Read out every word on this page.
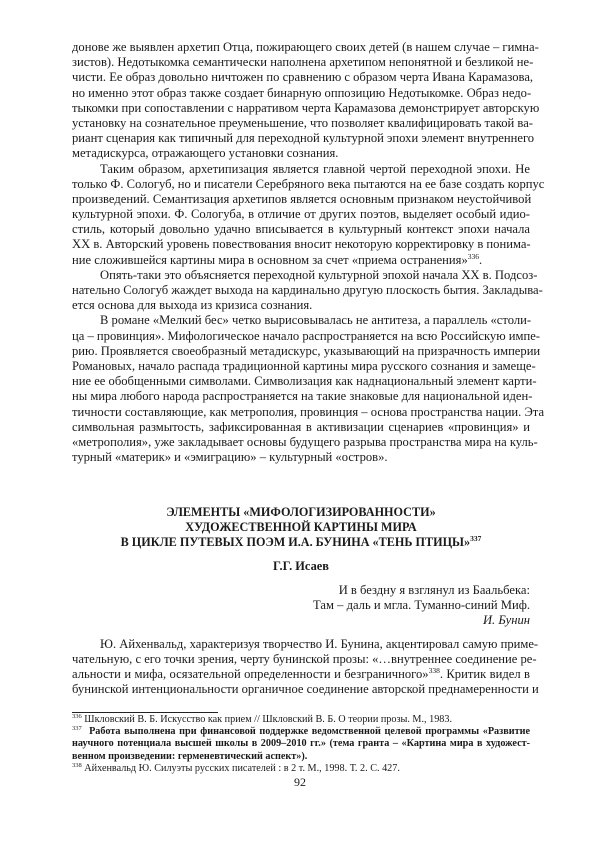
донове же выявлен архетип Отца, пожирающего своих детей (в нашем случае – гимна-
зистов). Недотыкомка семантически наполнена архетипом непонятной и безликой не-
чисти. Ее образ довольно ничтожен по сравнению с образом черта Ивана Карамазова,
но именно этот образ также создает бинарную оппозицию Недотыкомке. Образ недо-
тыкомки при сопоставлении с нарративом черта Карамазова демонстрирует авторскую
установку на сознательное преуменьшение, что позволяет квалифицировать такой ва-
риант сценария как типичный для переходной культурной эпохи элемент внутреннего
метадискурса, отражающего установки сознания.
Таким образом, архетипизация является главной чертой переходной эпохи. Не
только Ф. Сологуб, но и писатели Серебряного века пытаются на ее базе создать корпус
произведений. Семантизация архетипов является основным признаком неустойчивой
культурной эпохи. Ф. Сологуба, в отличие от других поэтов, выделяет особый идио-
стиль, который довольно удачно вписывается в культурный контекст эпохи начала
XX в. Авторский уровень повествования вносит некоторую корректировку в понима-
ние сложившейся картины мира в основном за счет «приема остранения»$^{336}$.
Опять-таки это объясняется переходной культурной эпохой начала XX в. Подсоз-
нательно Сологуб жаждет выхода на кардинально другую плоскость бытия. Закладыва-
ется основа для выхода из кризиса сознания.
В романе «Мелкий бес» четко вырисовывалась не антитеза, а параллель «столи-
ца – провинция». Мифологическое начало распространяется на всю Российскую импе-
рию. Проявляется своеобразный метадискурс, указывающий на призрачность империи
Романовых, начало распада традиционной картины мира русского сознания и замеще-
ние ее обобщенными символами. Символизация как наднациональный элемент карти-
ны мира любого народа распространяется на такие знаковые для национальной иден-
тичности составляющие, как метрополия, провинция – основа пространства нации. Эта
символьная размытость, зафиксированная в активизации сценариев «провинция» и
«метрополия», уже закладывает основы будущего разрыва пространства мира на куль-
турный «материк» и «эмиграцию» – культурный «остров».
ЭЛЕМЕНТЫ «МИФОЛОГИЗИРОВАННОСТИ»
ХУДОЖЕСТВЕННОЙ КАРТИНЫ МИРА
В ЦИКЛЕ ПУТЕВЫХ ПОЭМ И.А. БУНИНА «ТЕНЬ ПТИЦЫ»$^{337}$
Г.Г. Исаев
И в бездну я взглянул из Баальбека:
Там – даль и мгла. Туманно-синий Миф.
И. Бунин
Ю. Айхенвальд, характеризуя творчество И. Бунина, акцентировал самую приме-
чательную, с его точки зрения, черту бунинской прозы: «…внутреннее соединение ре-
альности и мифа, осязательной определенности и безграничного»$^{338}$. Критик видел в
бунинской интенциональности органичное соединение авторской преднамеренности и
$^{336}$ Шкловский В. Б. Искусство как прием // Шкловский В. Б. О теории прозы. М., 1983.
$^{337}$ Работа выполнена при финансовой поддержке ведомственной целевой программы «Развитие
научного потенциала высшей школы в 2009–2010 гг.» (тема гранта – «Картина мира в художест-
венном произведении: герменевтический аспект»).
$^{338}$ Айхенвальд Ю. Силуэты русских писателей : в 2 т. М., 1998. Т. 2. С. 427.
92
